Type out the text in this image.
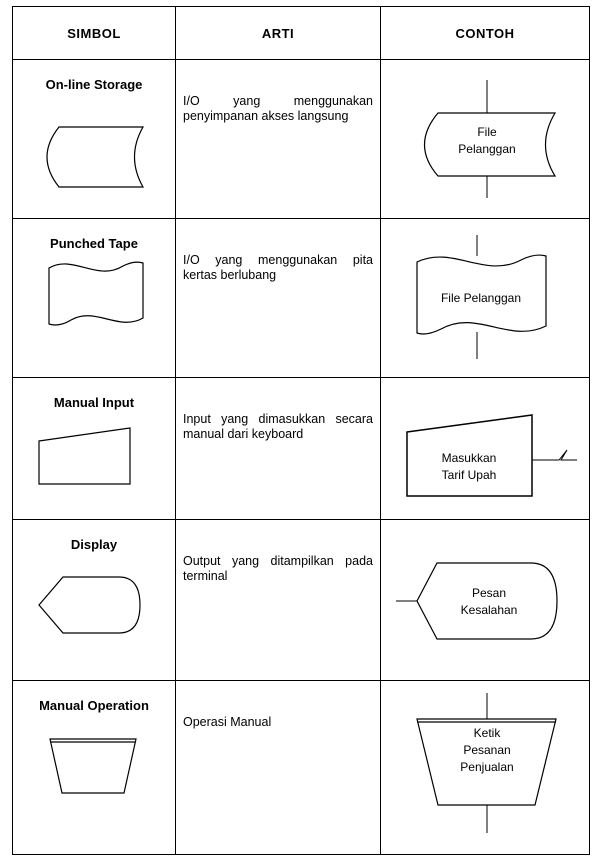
SIMBOL	ARTI	CONTOH

On-line Storage	I/O yang menggunakan penyimpanan akses langsung	File
Pelanggan

Punched Tape	I/O yang menggunakan pita kertas berlubang	File Pelanggan

Manual Input	Input yang dimasukkan secara manual dari keyboard	Masukkan
Tarif Upah

Display	Output yang ditampilkan pada terminal	Pesan
Kesalahan

Manual Operation	Operasi Manual	Ketik
Pesanan
Penjualan
